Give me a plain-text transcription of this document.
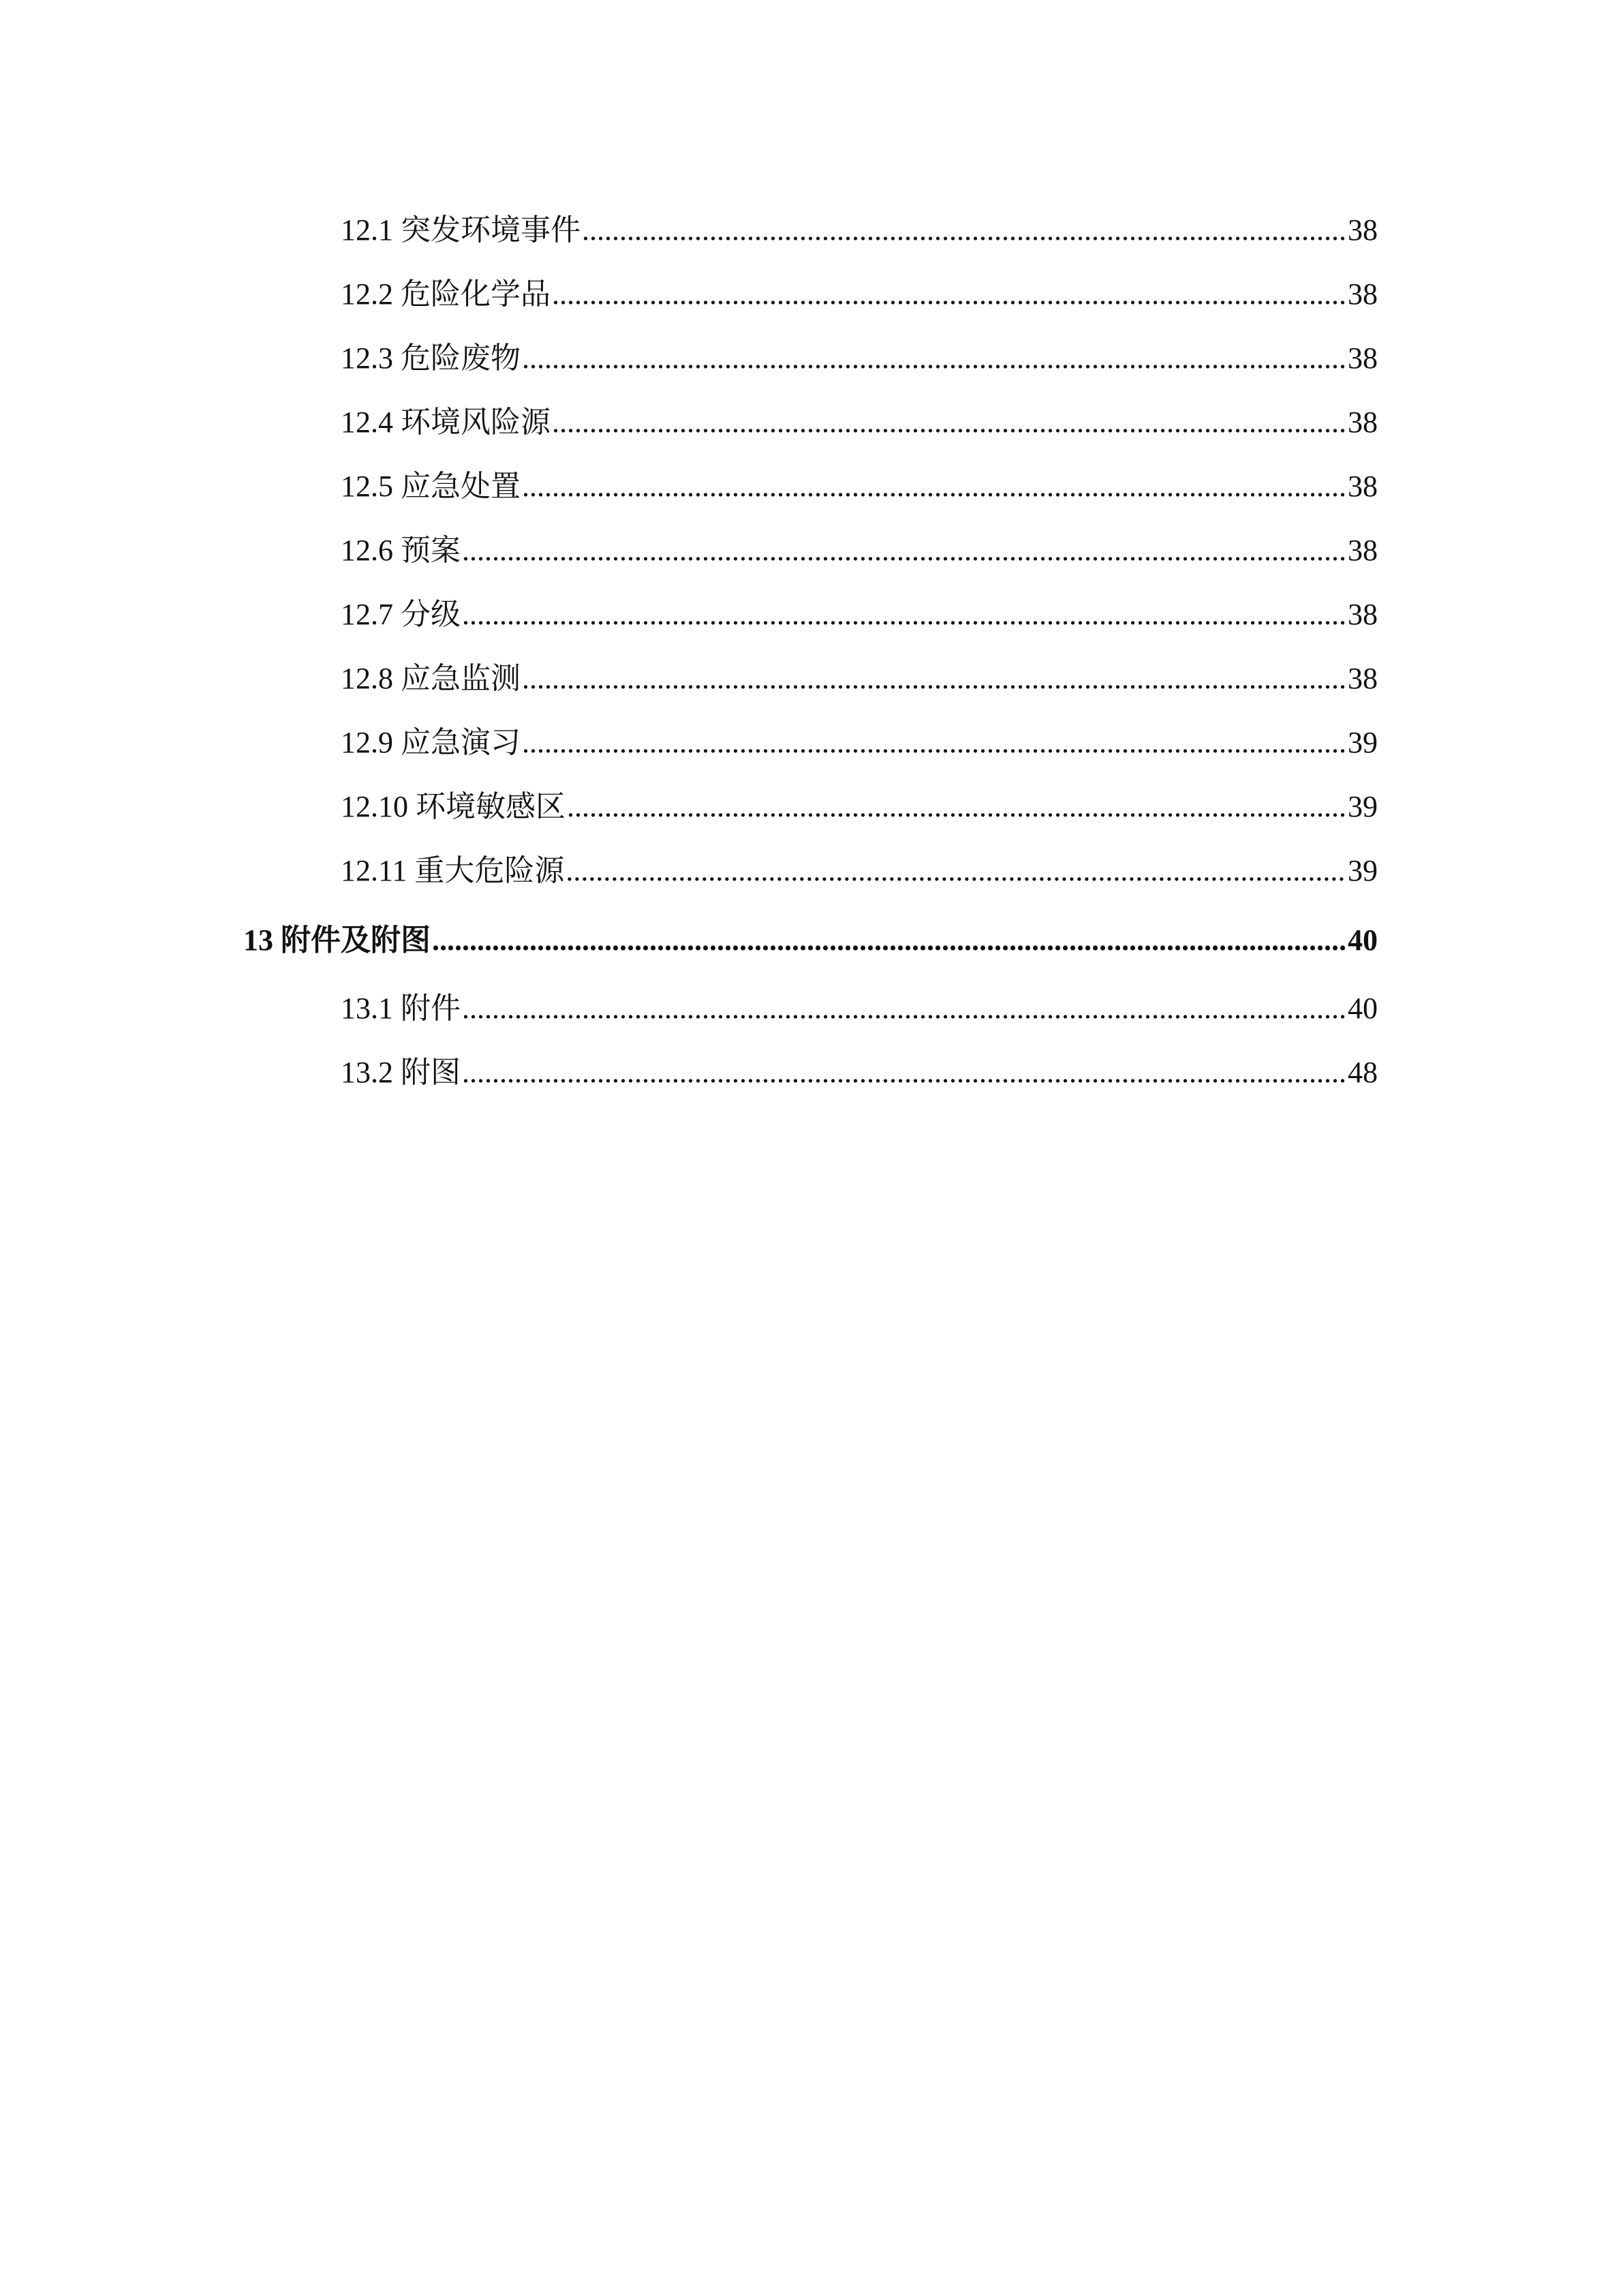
12.1 突发环境事件 .....	38
12.2 危险化学品 .....	38
12.3 危险废物 .....	38
12.4 环境风险源 .....	38
12.5 应急处置 .....	38
12.6 预案 .....	38
12.7 分级 .....	38
12.8 应急监测 .....	38
12.9 应急演习 .....	39
12.10 环境敏感区 .....	39
12.11 重大危险源 .....	39
13 附件及附图 .....	40
13.1 附件 .....	40
13.2 附图 .....	48
